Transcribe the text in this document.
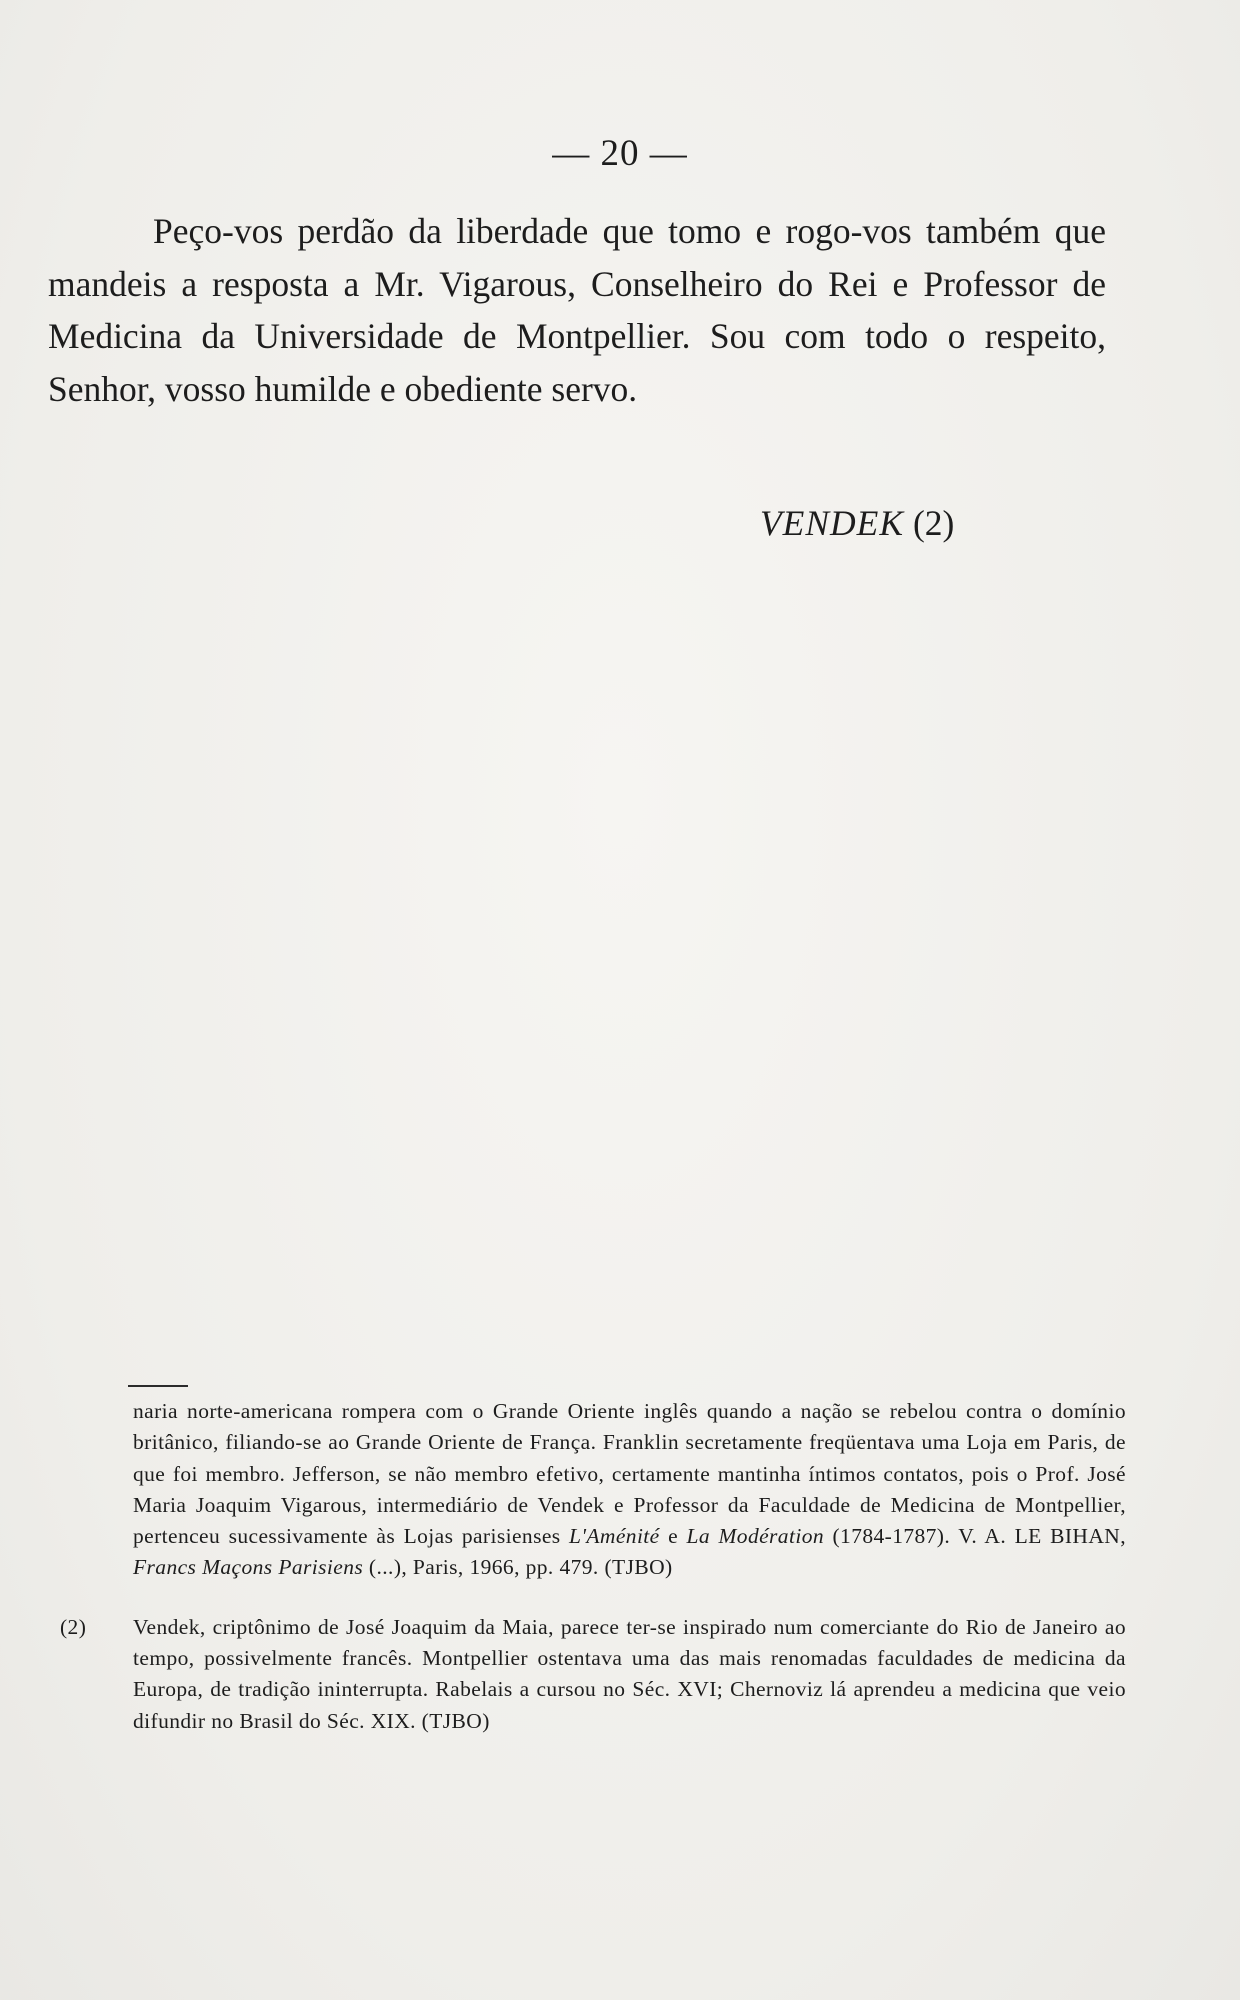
— 20 —

Peço-vos perdão da liberdade que tomo e rogo-vos também que mandeis a resposta a Mr. Vigarous, Conselheiro do Rei e Professor de Medicina da Universidade de Montpellier. Sou com todo o respeito, Senhor, vosso humilde e obediente servo.

VENDEK (2)
naria norte-americana rompera com o Grande Oriente inglês quando a nação se rebelou contra o domínio britânico, filiando-se ao Grande Oriente de França. Franklin secretamente freqüentava uma Loja em Paris, de que foi membro. Jefferson, se não membro efetivo, certamente mantinha íntimos contatos, pois o Prof. José Maria Joaquim Vigarous, intermediário de Vendek e Professor da Faculdade de Medicina de Montpellier, pertenceu sucessivamente às Lojas parisienses L'Aménité e La Modération (1784-1787). V. A. LE BIHAN, Francs Maçons Parisiens (...), Paris, 1966, pp. 479. (TJBO)
(2) Vendek, criptônimo de José Joaquim da Maia, parece ter-se inspirado num comerciante do Rio de Janeiro ao tempo, possivelmente francês. Montpellier ostentava uma das mais renomadas faculdades de medicina da Europa, de tradição ininterrupta. Rabelais a cursou no Séc. XVI; Chernoviz lá aprendeu a medicina que veio difundir no Brasil do Séc. XIX. (TJBO)
